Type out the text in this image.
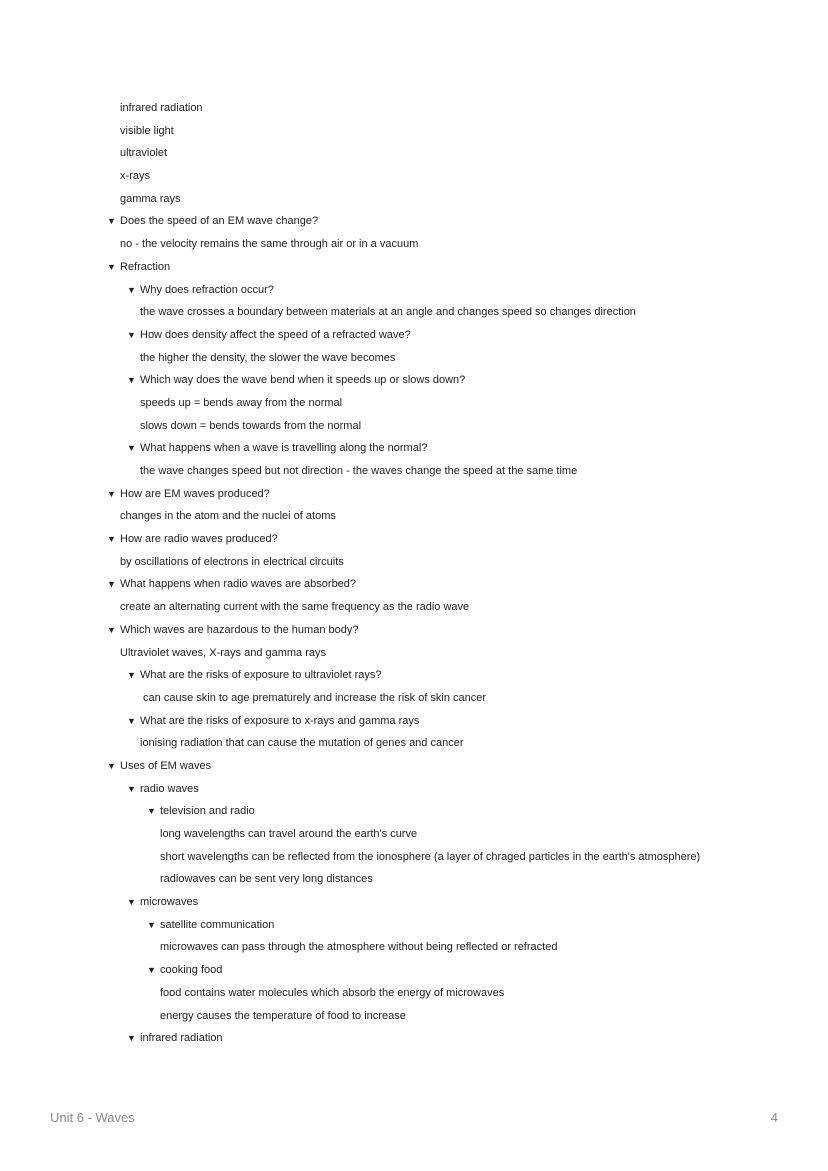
infrared radiation
visible light
ultraviolet
x-rays
gamma rays
▼ Does the speed of an EM wave change?
no - the velocity remains the same through air or in a vacuum
▼ Refraction
▼ Why does refraction occur?
the wave crosses a boundary between materials at an angle and changes speed so changes direction
▼ How does density affect the speed of a refracted wave?
the higher the density, the slower the wave becomes
▼ Which way does the wave bend when it speeds up or slows down?
speeds up = bends away from the normal
slows down = bends towards from the normal
▼ What happens when a wave is travelling along the normal?
the wave changes speed but not direction - the waves change the speed at the same time
▼ How are EM waves produced?
changes in the atom and the nuclei of atoms
▼ How are radio waves produced?
by oscillations of electrons in electrical circuits
▼ What happens when radio waves are absorbed?
create an alternating current with the same frequency as the radio wave
▼ Which waves are hazardous to the human body?
Ultraviolet waves, X-rays and gamma rays
▼ What are the risks of exposure to ultraviolet rays?
can cause skin to age prematurely and increase the risk of skin cancer
▼ What are the risks of exposure to x-rays and gamma rays
ionising radiation that can cause the mutation of genes and cancer
▼ Uses of EM waves
▼ radio waves
▼ television and radio
long wavelengths can travel around the earth's curve
short wavelengths can be reflected from the ionosphere (a layer of chraged particles in the earth's atmosphere)
radiowaves can be sent very long distances
▼ microwaves
▼ satellite communication
microwaves can pass through the atmosphere without being reflected or refracted
▼ cooking food
food contains water molecules which absorb the energy of microwaves
energy causes the temperature of food to increase
▼ infrared radiation
Unit 6 - Waves	4
